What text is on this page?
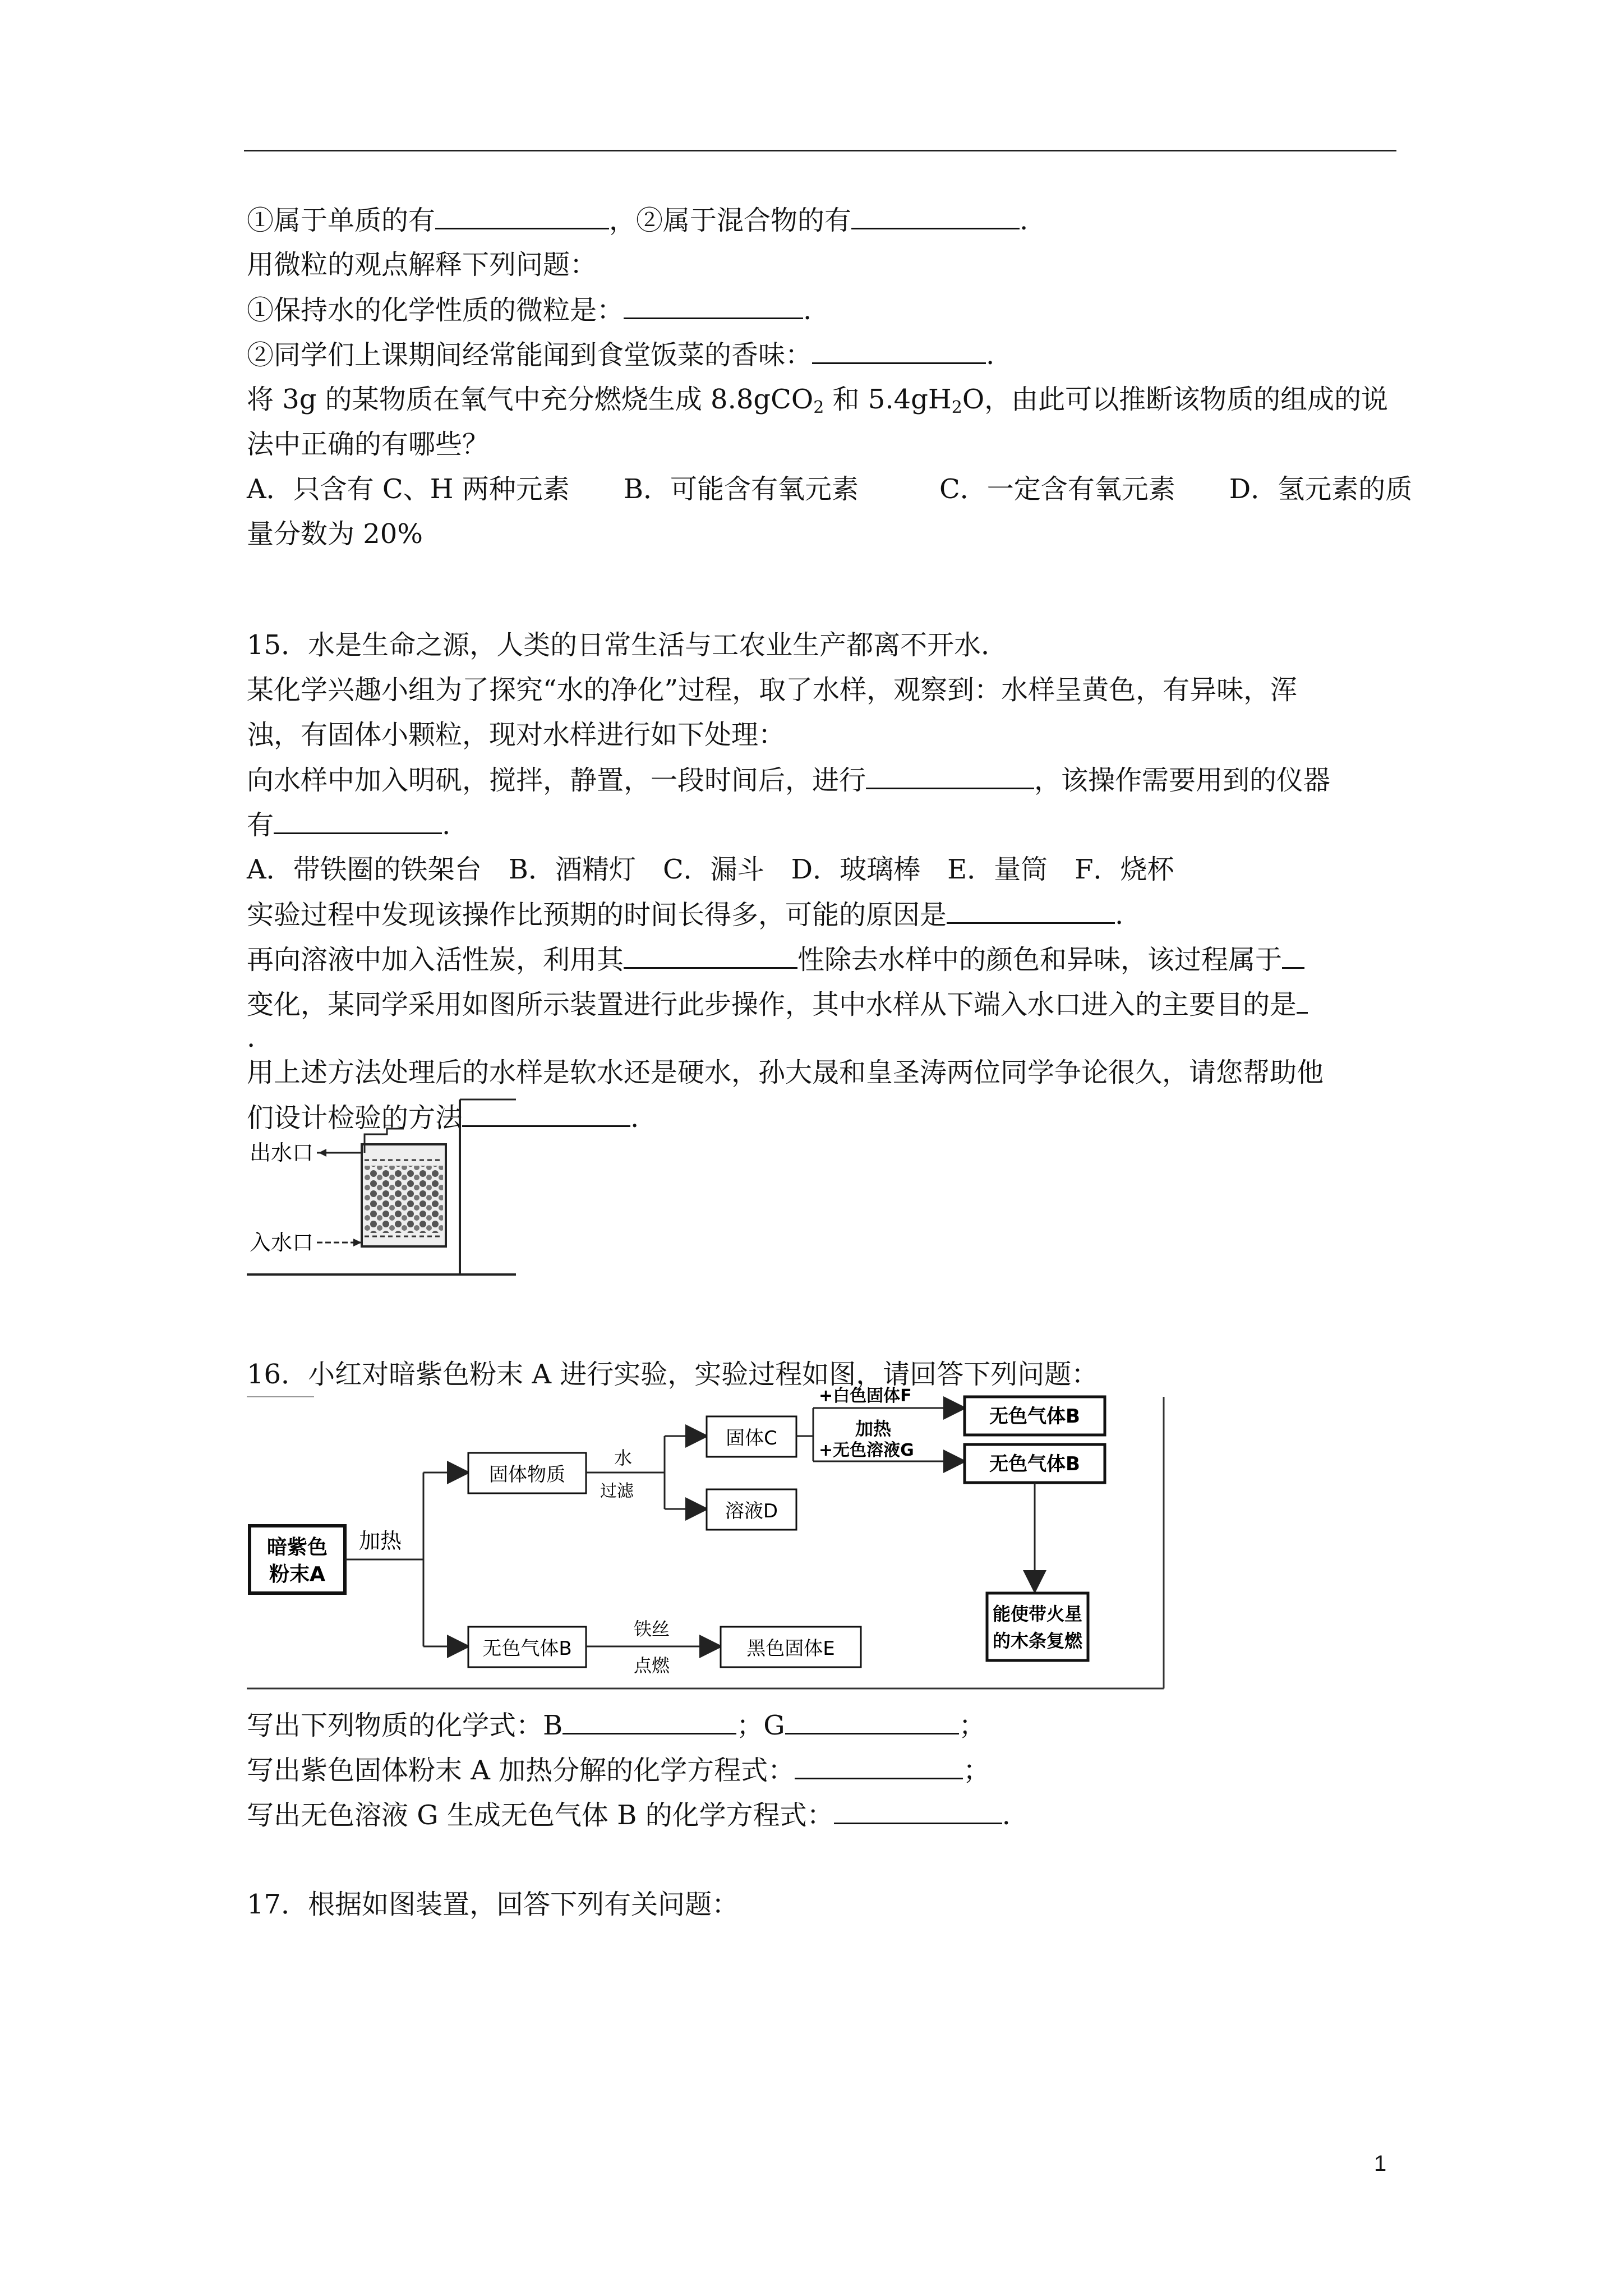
①属于单质的有	，②属于混合物的有	.
用微粒的观点解释下列问题：
①保持水的化学性质的微粒是：	.
②同学们上课期间经常能闻到食堂饭菜的香味：	.
将 3g 的某物质在氧气中充分燃烧生成 8.8gCO$_2$ 和 $5.4gH_2O$，由此可以推断该物质的组成的说
法中正确的有哪些？
A．只含有 C、H 两种元素　　B．可能含有氧元素　　　C．一定含有氧元素　　D．氢元素的质
量分数为 20%
15．水是生命之源，人类的日常生活与工农业生产都离不开水．
某化学兴趣小组为了探究“水的净化”过程，取了水样，观察到：水样呈黄色，有异味，浑
浊，有固体小颗粒，现对水样进行如下处理：
向水样中加入明矾，搅拌，静置，一段时间后，进行	，该操作需要用到的仪器
有	.
A．带铁圈的铁架台　B．酒精灯　C．漏斗　D．玻璃棒　E．量筒　F．烧杯
实验过程中发现该操作比预期的时间长得多，可能的原因是	.
再向溶液中加入活性炭，利用其	性除去水样中的颜色和异味，该过程属于
变化，某同学采用如图所示装置进行此步操作，其中水样从下端入水口进入的主要目的是
.
用上述方法处理后的水样是软水还是硬水，孙大晟和皇圣涛两位同学争论很久，请您帮助他
们设计检验的方法	.
出水口
入水口
16．小红对暗紫色粉末 A 进行实验，实验过程如图，请回答下列问题：
暗紫色
粉末A
加热
固体物质
水
过滤
固体C
溶液D
+白色固体F
加热
+无色溶液G
无色气体B
无色气体B
能使带火星
的木条复燃
无色气体B
铁丝
点燃
黑色固体E
写出下列物质的化学式：B	；G	；
写出紫色固体粉末 A 加热分解的化学方程式：	；
写出无色溶液 G 生成无色气体 B 的化学方程式：	.
17．根据如图装置，回答下列有关问题：
1
